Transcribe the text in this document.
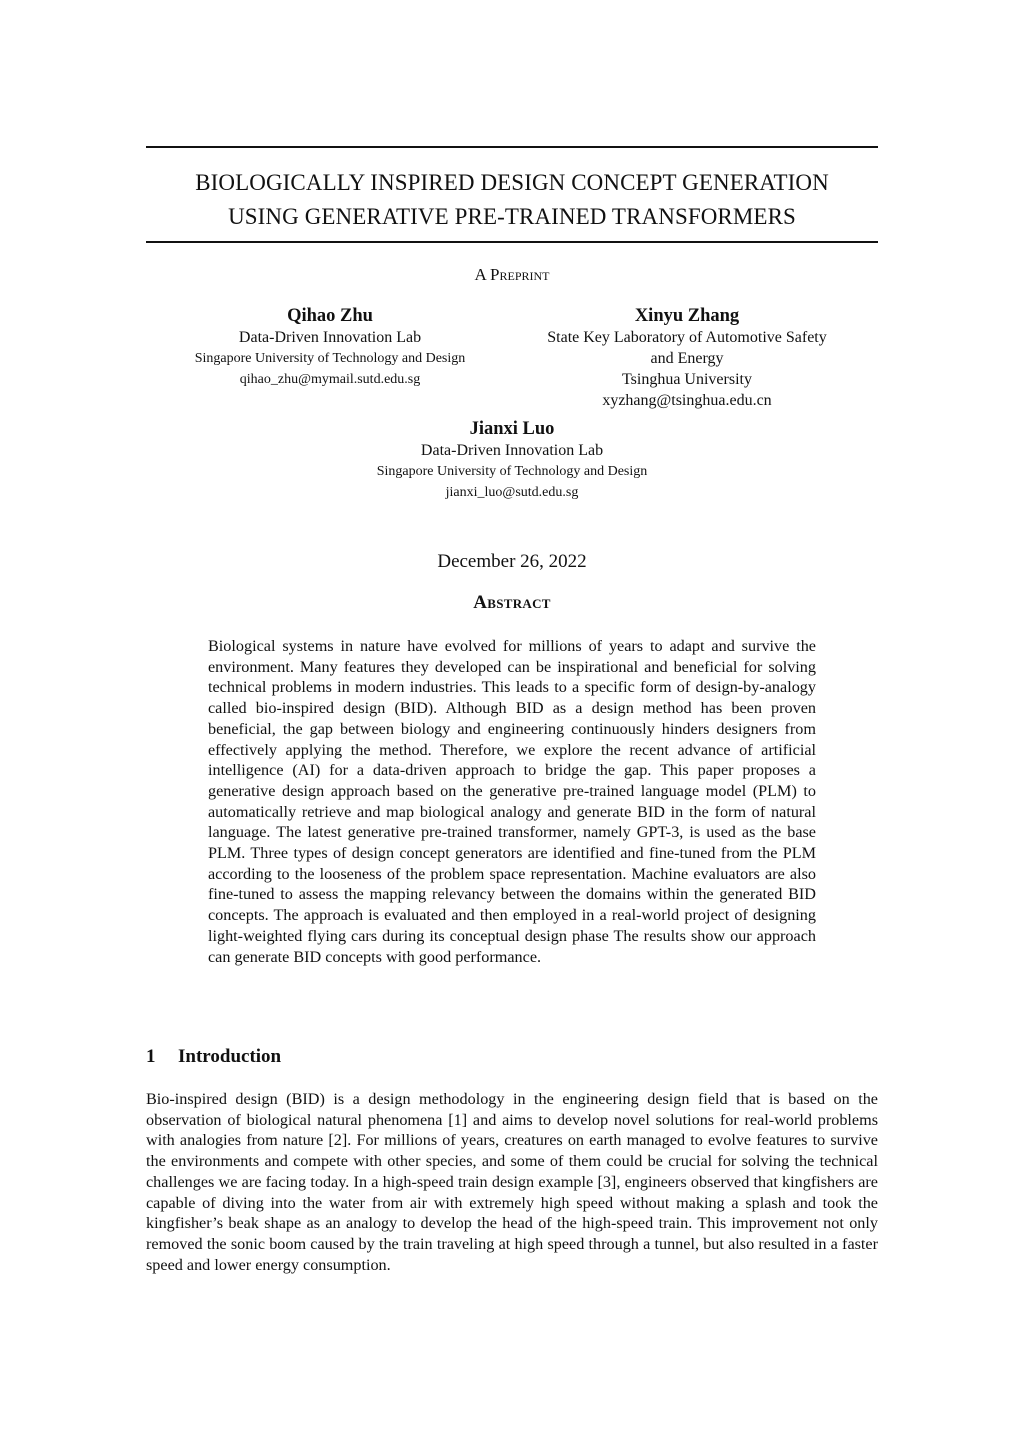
BIOLOGICALLY INSPIRED DESIGN CONCEPT GENERATION
USING GENERATIVE PRE-TRAINED TRANSFORMERS
A Preprint
Qihao Zhu
Data-Driven Innovation Lab
Singapore University of Technology and Design
qihao_zhu@mymail.sutd.edu.sg
Xinyu Zhang
State Key Laboratory of Automotive Safety
and Energy
Tsinghua University
xyzhang@tsinghua.edu.cn
Jianxi Luo
Data-Driven Innovation Lab
Singapore University of Technology and Design
jianxi_luo@sutd.edu.sg
December 26, 2022
Abstract

Biological systems in nature have evolved for millions of years to adapt and survive the environment. Many features they developed can be inspirational and beneficial for solving technical problems in modern industries. This leads to a specific form of design-by-analogy called bio-inspired design (BID). Although BID as a design method has been proven beneficial, the gap between biology and engineering continuously hinders designers from effectively applying the method. Therefore, we explore the recent advance of artificial intelligence (AI) for a data-driven approach to bridge the gap. This paper proposes a generative design approach based on the generative pre-trained language model (PLM) to automatically retrieve and map biological analogy and generate BID in the form of natural language. The latest generative pre-trained transformer, namely GPT-3, is used as the base PLM. Three types of design concept generators are identified and fine-tuned from the PLM according to the looseness of the problem space representation. Machine evaluators are also fine-tuned to assess the mapping relevancy between the domains within the generated BID concepts. The approach is evaluated and then employed in a real-world project of designing light-weighted flying cars during its conceptual design phase The results show our approach can generate BID concepts with good performance.

1 Introduction

Bio-inspired design (BID) is a design methodology in the engineering design field that is based on the observation of biological natural phenomena [1] and aims to develop novel solutions for real-world problems with analogies from nature [2]. For millions of years, creatures on earth managed to evolve features to survive the environments and compete with other species, and some of them could be crucial for solving the technical challenges we are facing today. In a high-speed train design example [3], engineers observed that kingfishers are capable of diving into the water from air with extremely high speed without making a splash and took the kingfisher’s beak shape as an analogy to develop the head of the high-speed train. This improvement not only removed the sonic boom caused by the train traveling at high speed through a tunnel, but also resulted in a faster speed and lower energy consumption.
